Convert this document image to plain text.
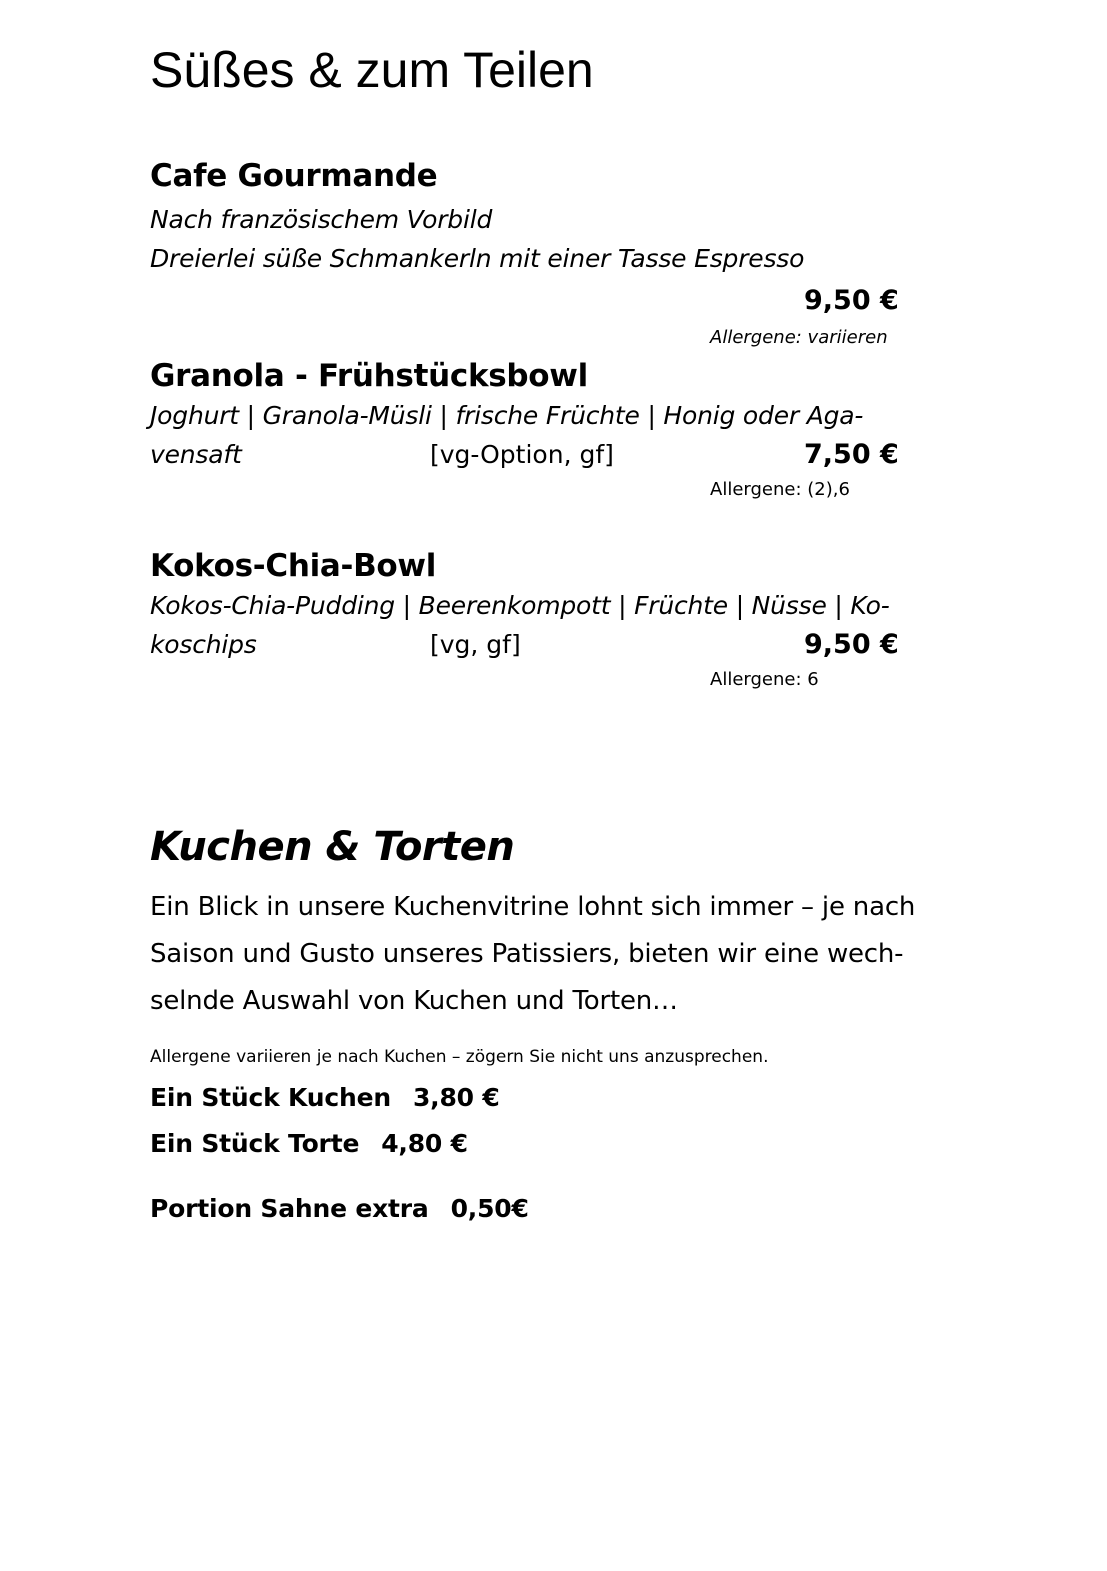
Süßes & zum Teilen
Cafe Gourmande
Nach französischem Vorbild
Dreierlei süße Schmankerln mit einer Tasse Espresso
9,50 €
Allergene: variieren
Granola - Frühstücksbowl
Joghurt | Granola-Müsli | frische Früchte | Honig oder Aga-
vensaft	[vg-Option, gf]	7,50 €
Allergene: (2),6
Kokos-Chia-Bowl
Kokos-Chia-Pudding | Beerenkompott | Früchte | Nüsse | Ko-
koschips	[vg, gf]	9,50 €
Allergene: 6
Kuchen & Torten
Ein Blick in unsere Kuchenvitrine lohnt sich immer – je nach
Saison und Gusto unseres Patissiers, bieten wir eine wech-
selnde Auswahl von Kuchen und Torten…
Allergene variieren je nach Kuchen – zögern Sie nicht uns anzusprechen.
Ein Stück Kuchen 3,80 €
Ein Stück Torte 4,80 €
Portion Sahne extra 0,50€
